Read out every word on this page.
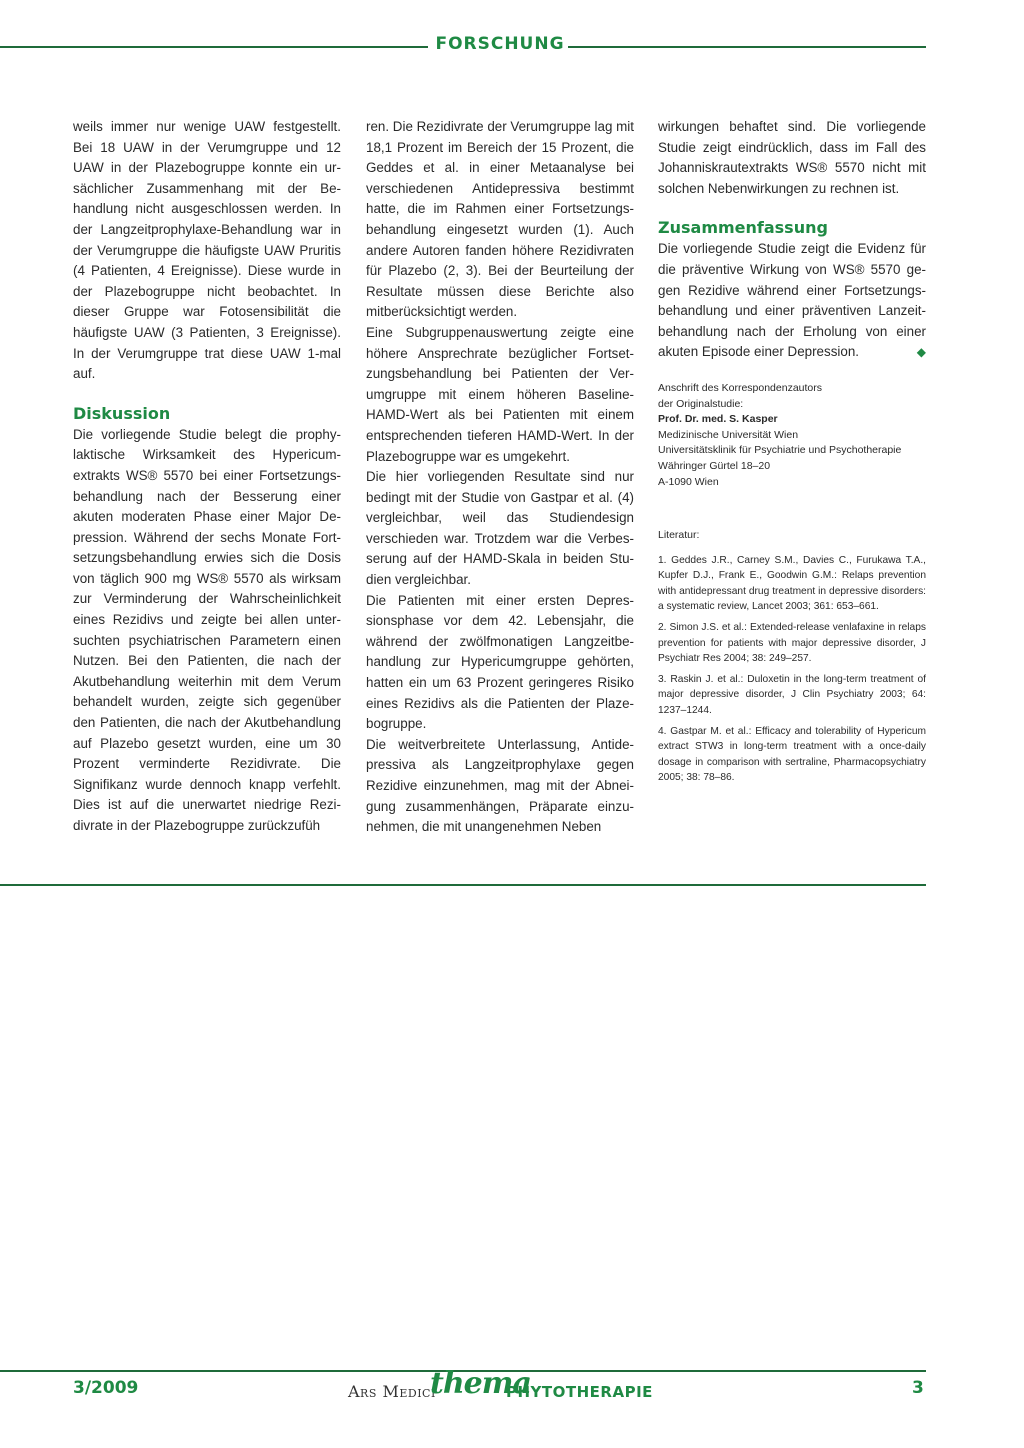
FORSCHUNG

weils immer nur wenige UAW festgestellt. Bei 18 UAW in der Verumgruppe und 12 UAW in der Plazebogruppe konnte ein ursächlicher Zusammenhang mit der Behandlung nicht ausgeschlossen werden. In der Langzeitprophylaxe-Behandlung war in der Verumgruppe die häufigste UAW Pruritis (4 Patienten, 4 Ereignisse). Diese wurde in der Plazebogruppe nicht beobachtet. In dieser Gruppe war Fotosensibilität die häufigste UAW (3 Patienten, 3 Ereignisse). In der Verumgruppe trat diese UAW 1-mal auf.

Diskussion

Die vorliegende Studie belegt die prophylaktische Wirksamkeit des Hypericumextrakts WS® 5570 bei einer Fortsetzungsbehandlung nach der Besserung einer akuten moderaten Phase einer Major Depression. Während der sechs Monate Fortsetzungsbehandlung erwies sich die Dosis von täglich 900 mg WS® 5570 als wirksam zur Verminderung der Wahrscheinlichkeit eines Rezidivs und zeigte bei allen untersuchten psychiatrischen Parametern einen Nutzen. Bei den Patienten, die nach der Akutbehandlung weiterhin mit dem Verum behandelt wurden, zeigte sich gegenüber den Patienten, die nach der Akutbehandlung auf Plazebo gesetzt wurden, eine um 30 Prozent verminderte Rezidivrate. Die Signifikanz wurde dennoch knapp verfehlt. Dies ist auf die unerwartet niedrige Rezidivrate in der Plazebogruppe zurückzufüh

ren. Die Rezidivrate der Verumgruppe lag mit 18,1 Prozent im Bereich der 15 Prozent, die Geddes et al. in einer Metaanalyse bei verschiedenen Antidepressiva bestimmt hatte, die im Rahmen einer Fortsetzungsbehandlung eingesetzt wurden (1). Auch andere Autoren fanden höhere Rezidivraten für Plazebo (2, 3). Bei der Beurteilung der Resultate müssen diese Berichte also mitberücksichtigt werden.

Eine Subgruppenauswertung zeigte eine höhere Ansprechrate bezüglicher Fortsetzungsbehandlung bei Patienten der Verumgruppe mit einem höheren Baseline-HAMD-Wert als bei Patienten mit einem entsprechenden tieferen HAMD-Wert. In der Plazebogruppe war es umgekehrt.

Die hier vorliegenden Resultate sind nur bedingt mit der Studie von Gastpar et al. (4) vergleichbar, weil das Studiendesign verschieden war. Trotzdem war die Verbesserung auf der HAMD-Skala in beiden Studien vergleichbar.

Die Patienten mit einer ersten Depressionsphase vor dem 42. Lebensjahr, die während der zwölfmonatigen Langzeitbehandlung zur Hypericumgruppe gehörten, hatten ein um 63 Prozent geringeres Risiko eines Rezidivs als die Patienten der Plazebogruppe.

Die weitverbreitete Unterlassung, Antidepressiva als Langzeitprophylaxe gegen Rezidive einzunehmen, mag mit der Abneigung zusammenhängen, Präparate einzunehmen, die mit unangenehmen Neben

wirkungen behaftet sind. Die vorliegende Studie zeigt eindrücklich, dass im Fall des Johanniskrautextrakts WS® 5570 nicht mit solchen Nebenwirkungen zu rechnen ist.

Zusammenfassung

Die vorliegende Studie zeigt die Evidenz für die präventive Wirkung von WS® 5570 gegen Rezidive während einer Fortsetzungsbehandlung und einer präventiven Lanzeitbehandlung nach der Erholung von einer akuten Episode einer Depression.	◆

Anschrift des Korrespondenzautors
der Originalstudie:
Prof. Dr. med. S. Kasper
Medizinische Universität Wien
Universitätsklinik für Psychiatrie und Psychotherapie
Währinger Gürtel 18–20
A-1090 Wien
Literatur:
1. Geddes J.R., Carney S.M., Davies C., Furukawa T.A., Kupfer D.J., Frank E., Goodwin G.M.: Relaps prevention with antidepressant drug treatment in depressive disorders: a systematic review, Lancet 2003; 361: 653–661.
2. Simon J.S. et al.: Extended-release venlafaxine in relaps prevention for patients with major depressive disorder, J Psychiatr Res 2004; 38: 249–257.
3. Raskin J. et al.: Duloxetin in the long-term treatment of major depressive disorder, J Clin Psychiatry 2003; 64: 1237–1244.
4. Gastpar M. et al.: Efficacy and tolerability of Hypericum extract STW3 in long-term treatment with a once-daily dosage in comparison with sertraline, Pharmacopsychiatry 2005; 38: 78–86.
3/2009	Ars Medici
thema
PHYTOTHERAPIE	3
